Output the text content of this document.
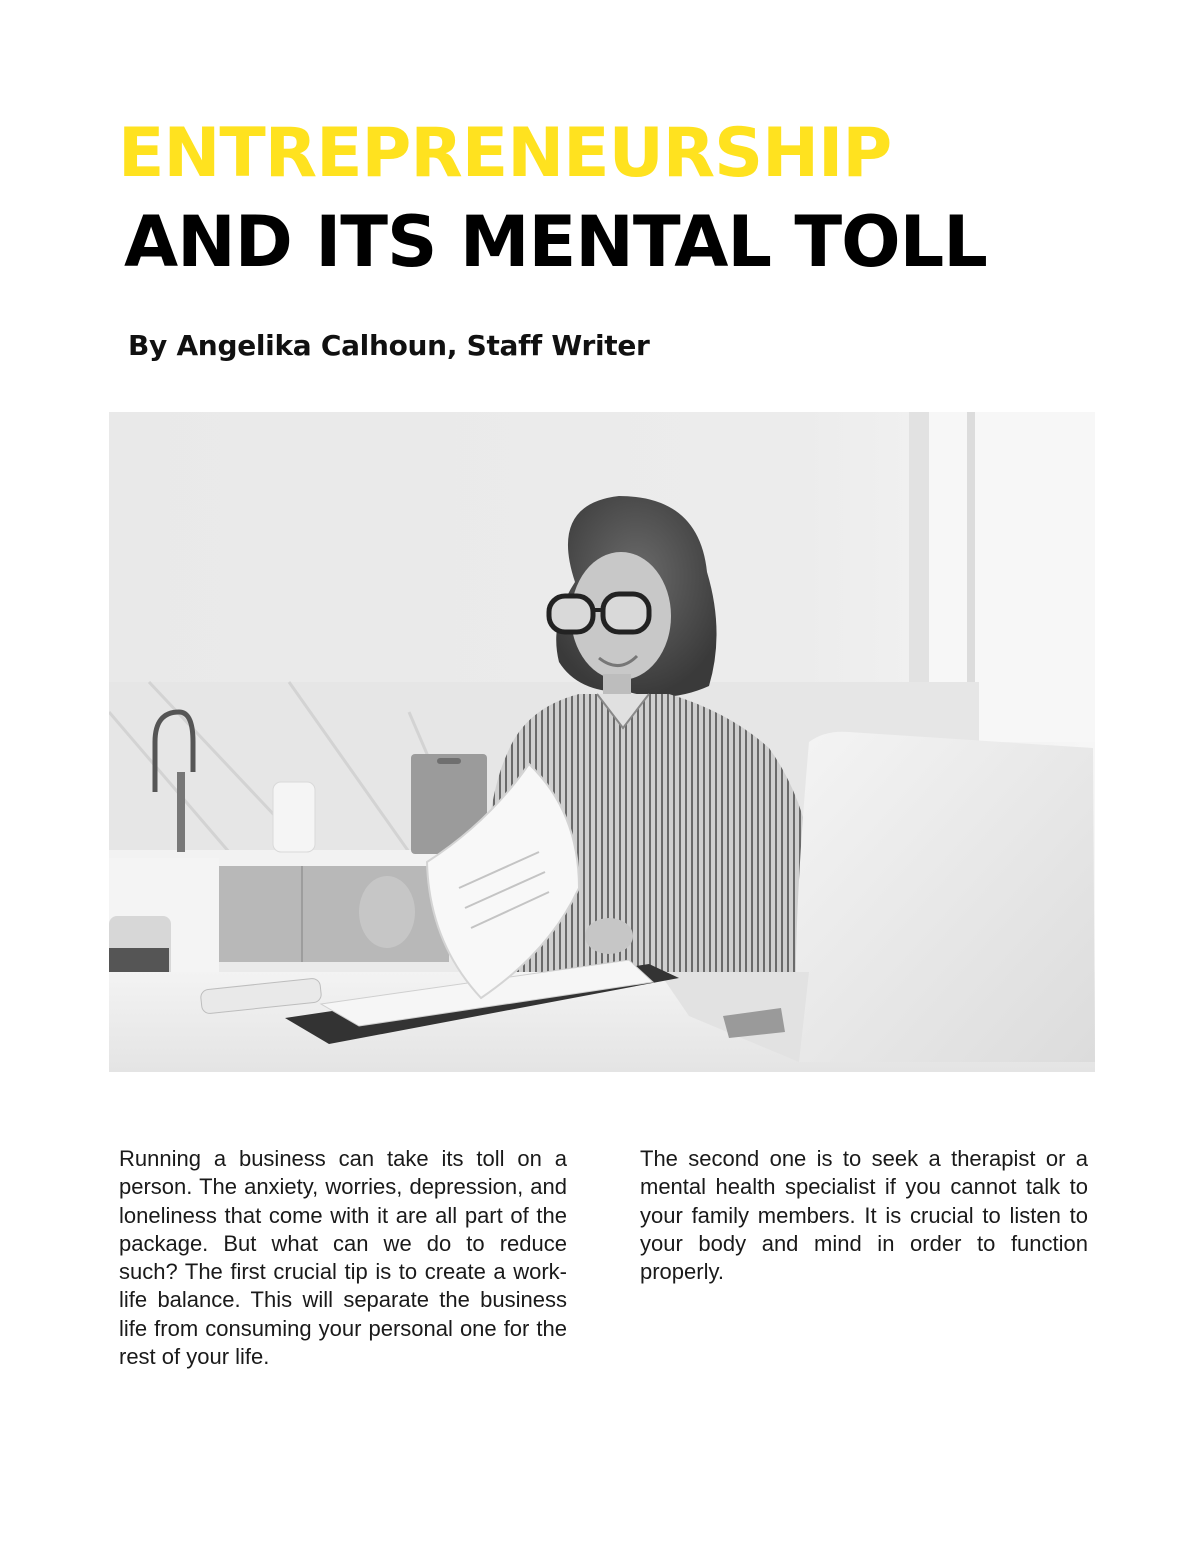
ENTREPRENEURSHIP
AND ITS MENTAL TOLL
By Angelika Calhoun, Staff Writer

Running a business can take its toll on a person. The anxiety, worries, depression, and loneliness that come with it are all part of the package. But what can we do to reduce such? The first crucial tip is to create a work-life balance. This will separate the business life from consuming your personal one for the rest of your life.

The second one is to seek a therapist or a mental health specialist if you cannot talk to your family members. It is crucial to listen to your body and mind in order to function properly.
